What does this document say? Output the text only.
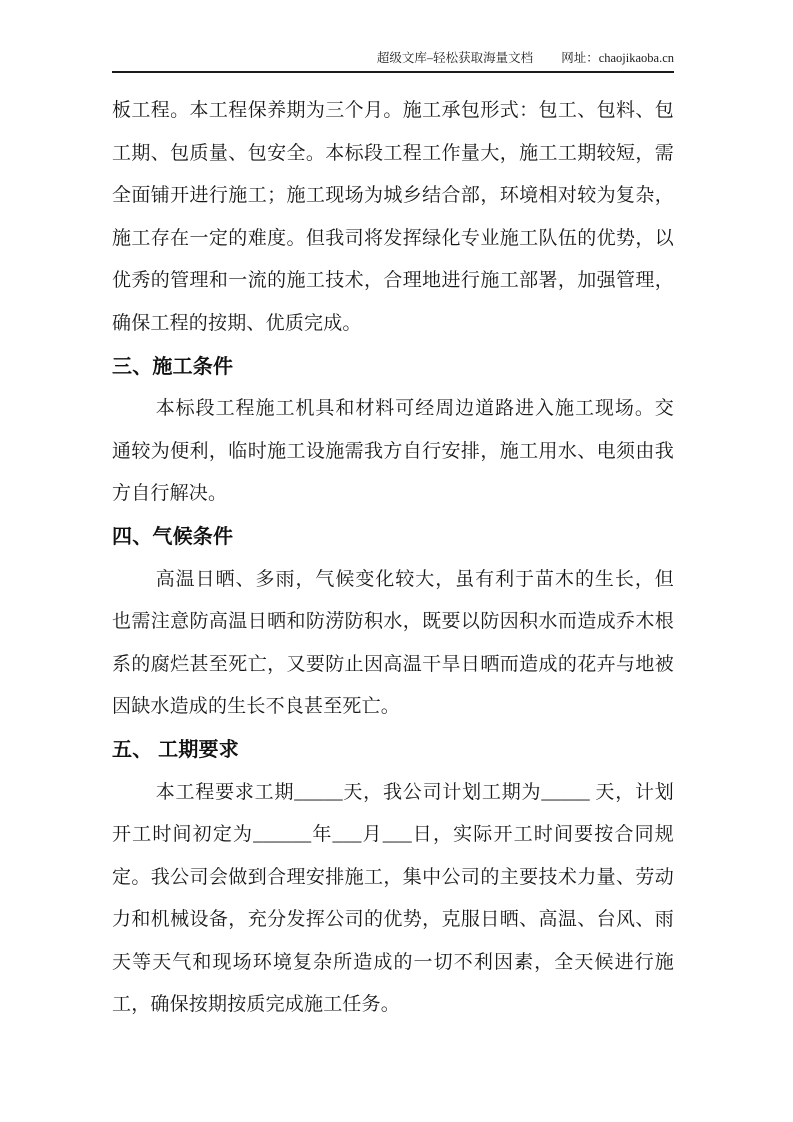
超级文库–轻松获取海量文档 网址：chaojikaoba.cn

板工程。本工程保养期为三个月。施工承包形式：包工、包料、包工期、包质量、包安全。本标段工程工作量大，施工工期较短，需全面铺开进行施工；施工现场为城乡结合部，环境相对较为复杂，施工存在一定的难度。但我司将发挥绿化专业施工队伍的优势，以优秀的管理和一流的施工技术，合理地进行施工部署，加强管理，确保工程的按期、优质完成。

三、施工条件

本标段工程施工机具和材料可经周边道路进入施工现场。交通较为便利，临时施工设施需我方自行安排，施工用水、电须由我方自行解决。

四、气候条件

高温日晒、多雨，气候变化较大，虽有利于苗木的生长，但也需注意防高温日晒和防涝防积水，既要以防因积水而造成乔木根系的腐烂甚至死亡，又要防止因高温干旱日晒而造成的花卉与地被因缺水造成的生长不良甚至死亡。

五、 工期要求

本工程要求工期_____天，我公司计划工期为_____ 天，计划开工时间初定为______年___月___日，实际开工时间要按合同规定。我公司会做到合理安排施工，集中公司的主要技术力量、劳动力和机械设备，充分发挥公司的优势，克服日晒、高温、台风、雨天等天气和现场环境复杂所造成的一切不利因素，全天候进行施工，确保按期按质完成施工任务。
